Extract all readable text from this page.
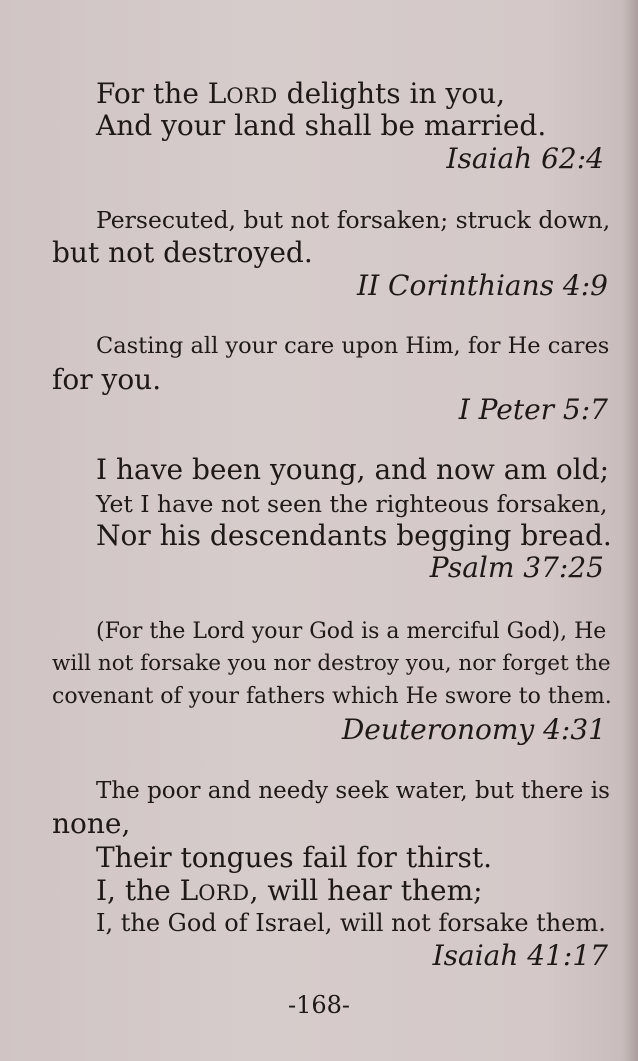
For the LORD delights in you,
And your land shall be married.
Isaiah 62:4
Persecuted, but not forsaken; struck down,
but not destroyed.
II Corinthians 4:9
Casting all your care upon Him, for He cares
for you.
I Peter 5:7
I have been young, and now am old;
Yet I have not seen the righteous forsaken,
Nor his descendants begging bread.
Psalm 37:25
(For the Lord your God is a merciful God), He
will not forsake you nor destroy you, nor forget the
covenant of your fathers which He swore to them.
Deuteronomy 4:31
The poor and needy seek water, but there is
none,
Their tongues fail for thirst.
I, the LORD, will hear them;
I, the God of Israel, will not forsake them.
Isaiah 41:17
-168-
